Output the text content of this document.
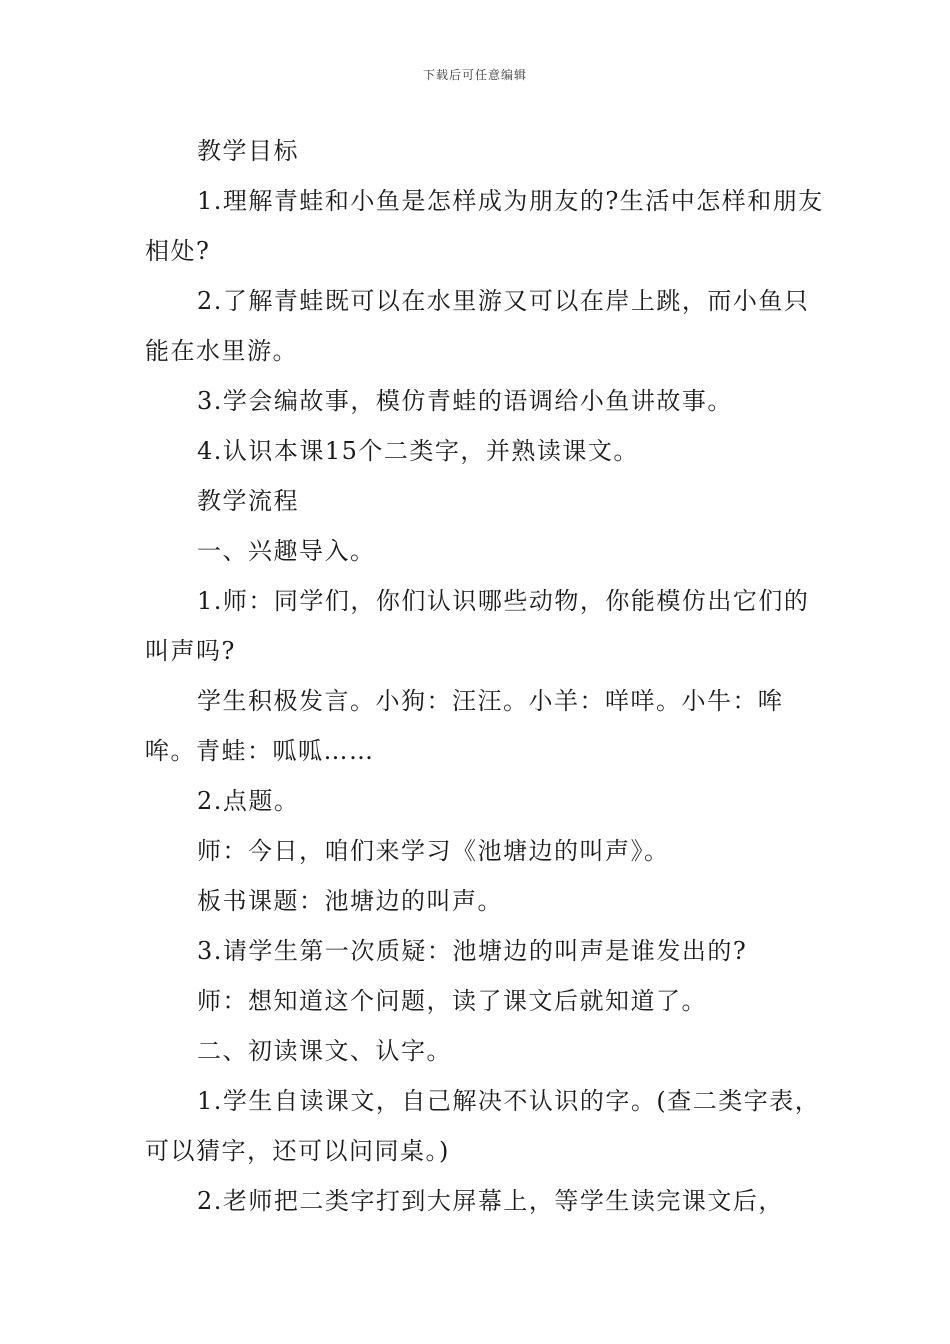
下载后可任意编辑

教学目标

1.理解青蛙和小鱼是怎样成为朋友的?生活中怎样和朋友相处?

2.了解青蛙既可以在水里游又可以在岸上跳，而小鱼只能在水里游。

3.学会编故事，模仿青蛙的语调给小鱼讲故事。

4.认识本课15个二类字，并熟读课文。

教学流程

一、兴趣导入。

1.师：同学们，你们认识哪些动物，你能模仿出它们的叫声吗?

学生积极发言。小狗：汪汪。小羊：咩咩。小牛：哞哞。青蛙：呱呱……

2.点题。

师：今日，咱们来学习《池塘边的叫声》。

板书课题：池塘边的叫声。

3.请学生第一次质疑：池塘边的叫声是谁发出的?

师：想知道这个问题，读了课文后就知道了。

二、初读课文、认字。

1.学生自读课文，自己解决不认识的字。(查二类字表，可以猜字，还可以问同桌。)

2.老师把二类字打到大屏幕上，等学生读完课文后，
